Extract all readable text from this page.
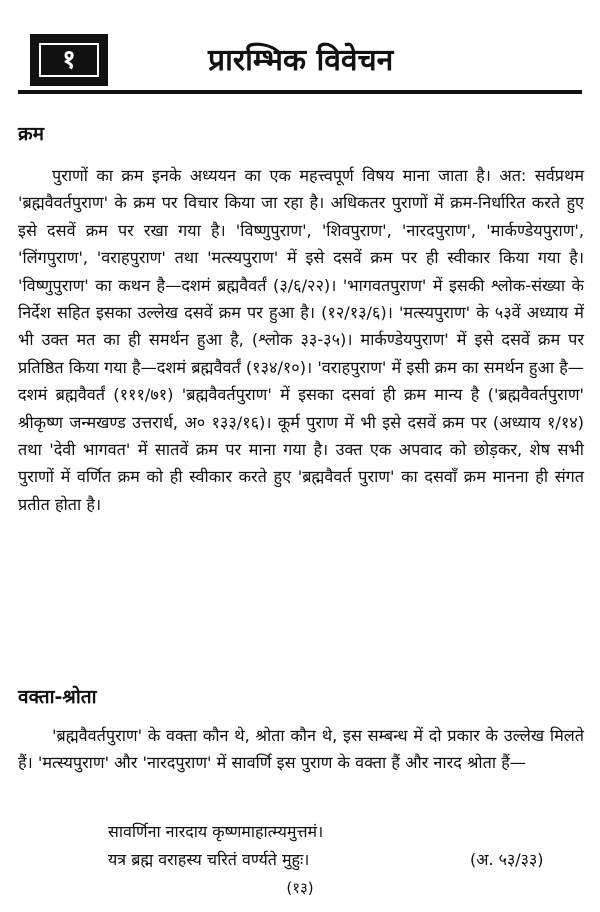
१	प्रारम्भिक विवेचन
क्रम

पुराणों का क्रम इनके अध्ययन का एक महत्त्वपूर्ण विषय माना जाता है। अत: सर्वप्रथम 'ब्रह्मवैवर्तपुराण' के क्रम पर विचार किया जा रहा है। अधिकतर पुराणों में क्रम-निर्धारित करते हुए इसे दसवें क्रम पर रखा गया है। 'विष्णुपुराण', 'शिवपुराण', 'नारदपुराण', 'मार्कण्डेयपुराण', 'लिंगपुराण', 'वराहपुराण' तथा 'मत्स्यपुराण' में इसे दसवें क्रम पर ही स्वीकार किया गया है। 'विष्णुपुराण' का कथन है—दशमं ब्रह्मवैवर्तं (३/६/२२)। 'भागवतपुराण' में इसकी श्लोक-संख्या के निर्देश सहित इसका उल्लेख दसवें क्रम पर हुआ है। (१२/१३/६)। 'मत्स्यपुराण' के ५३वें अध्याय में भी उक्त मत का ही समर्थन हुआ है, (श्लोक ३३-३५)। मार्कण्डेयपुराण' में इसे दसवें क्रम पर प्रतिष्ठित किया गया है—दशमं ब्रह्मवैवर्तं (१३४/१०)। 'वराहपुराण' में इसी क्रम का समर्थन हुआ है—दशमं ब्रह्मवैवर्तं (१११/७१) 'ब्रह्मवैवर्तपुराण' में इसका दसवां ही क्रम मान्य है ('ब्रह्मवैवर्तपुराण' श्रीकृष्ण जन्मखण्ड उत्तरार्ध, अ० १३३/१६)। कूर्म पुराण में भी इसे दसवें क्रम पर (अध्याय १/१४) तथा 'देवी भागवत' में सातवें क्रम पर माना गया है। उक्त एक अपवाद को छोड़कर, शेष सभी पुराणों में वर्णित क्रम को ही स्वीकार करते हुए 'ब्रह्मवैवर्त पुराण' का दसवाँ क्रम मानना ही संगत प्रतीत होता है।

वक्ता-श्रोता

'ब्रह्मवैवर्तपुराण' के वक्ता कौन थे, श्रोता कौन थे, इस सम्बन्ध में दो प्रकार के उल्लेख मिलते हैं। 'मत्स्यपुराण' और 'नारदपुराण' में सावर्णि इस पुराण के वक्ता हैं और नारद श्रोता हैं—

सावर्णिना नारदाय कृष्णमाहात्म्यमुत्तमं।
यत्र ब्रह्म वराहस्य चरितं वर्ण्यते मुहुः।	(अ. ५३/३३)
(१३)
